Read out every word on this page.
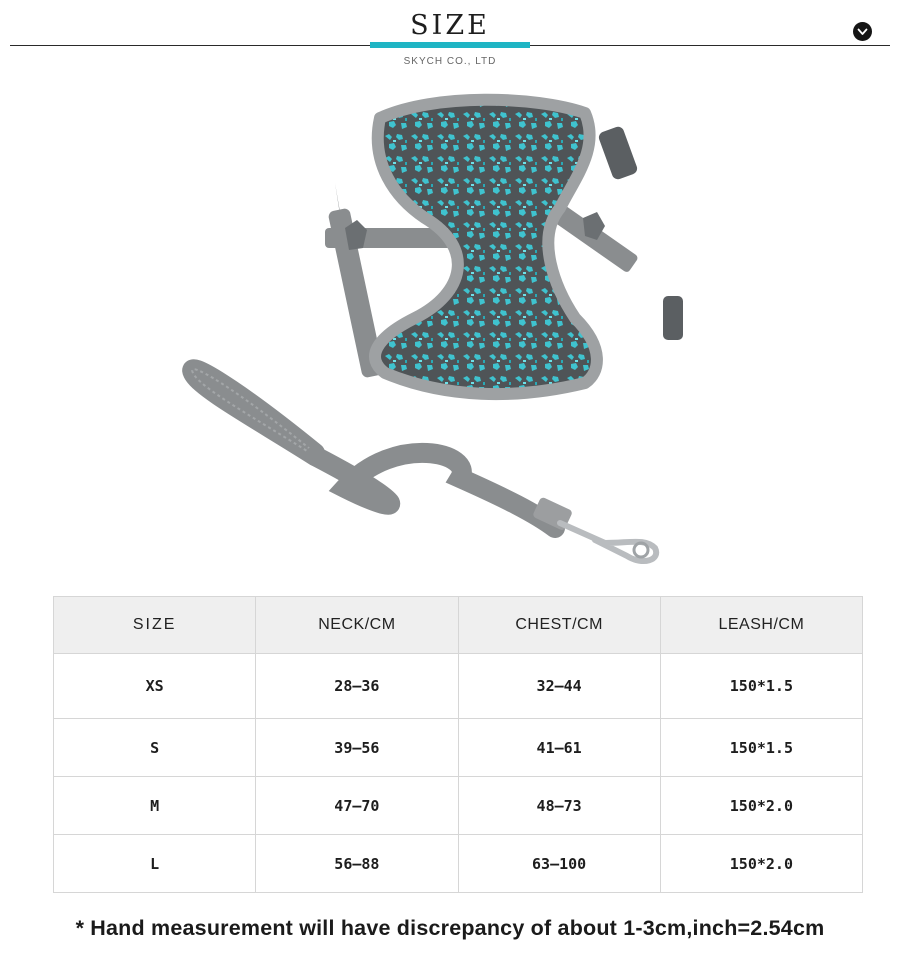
SIZE
SKYCH CO., LTD
SIZE	NECK/CM	CHEST/CM	LEASH/CM
XS	28–36	32–44	150*1.5
S	39–56	41–61	150*1.5
M	47–70	48–73	150*2.0
L	56–88	63–100	150*2.0
* Hand measurement will have discrepancy of about 1-3cm,inch=2.54cm
